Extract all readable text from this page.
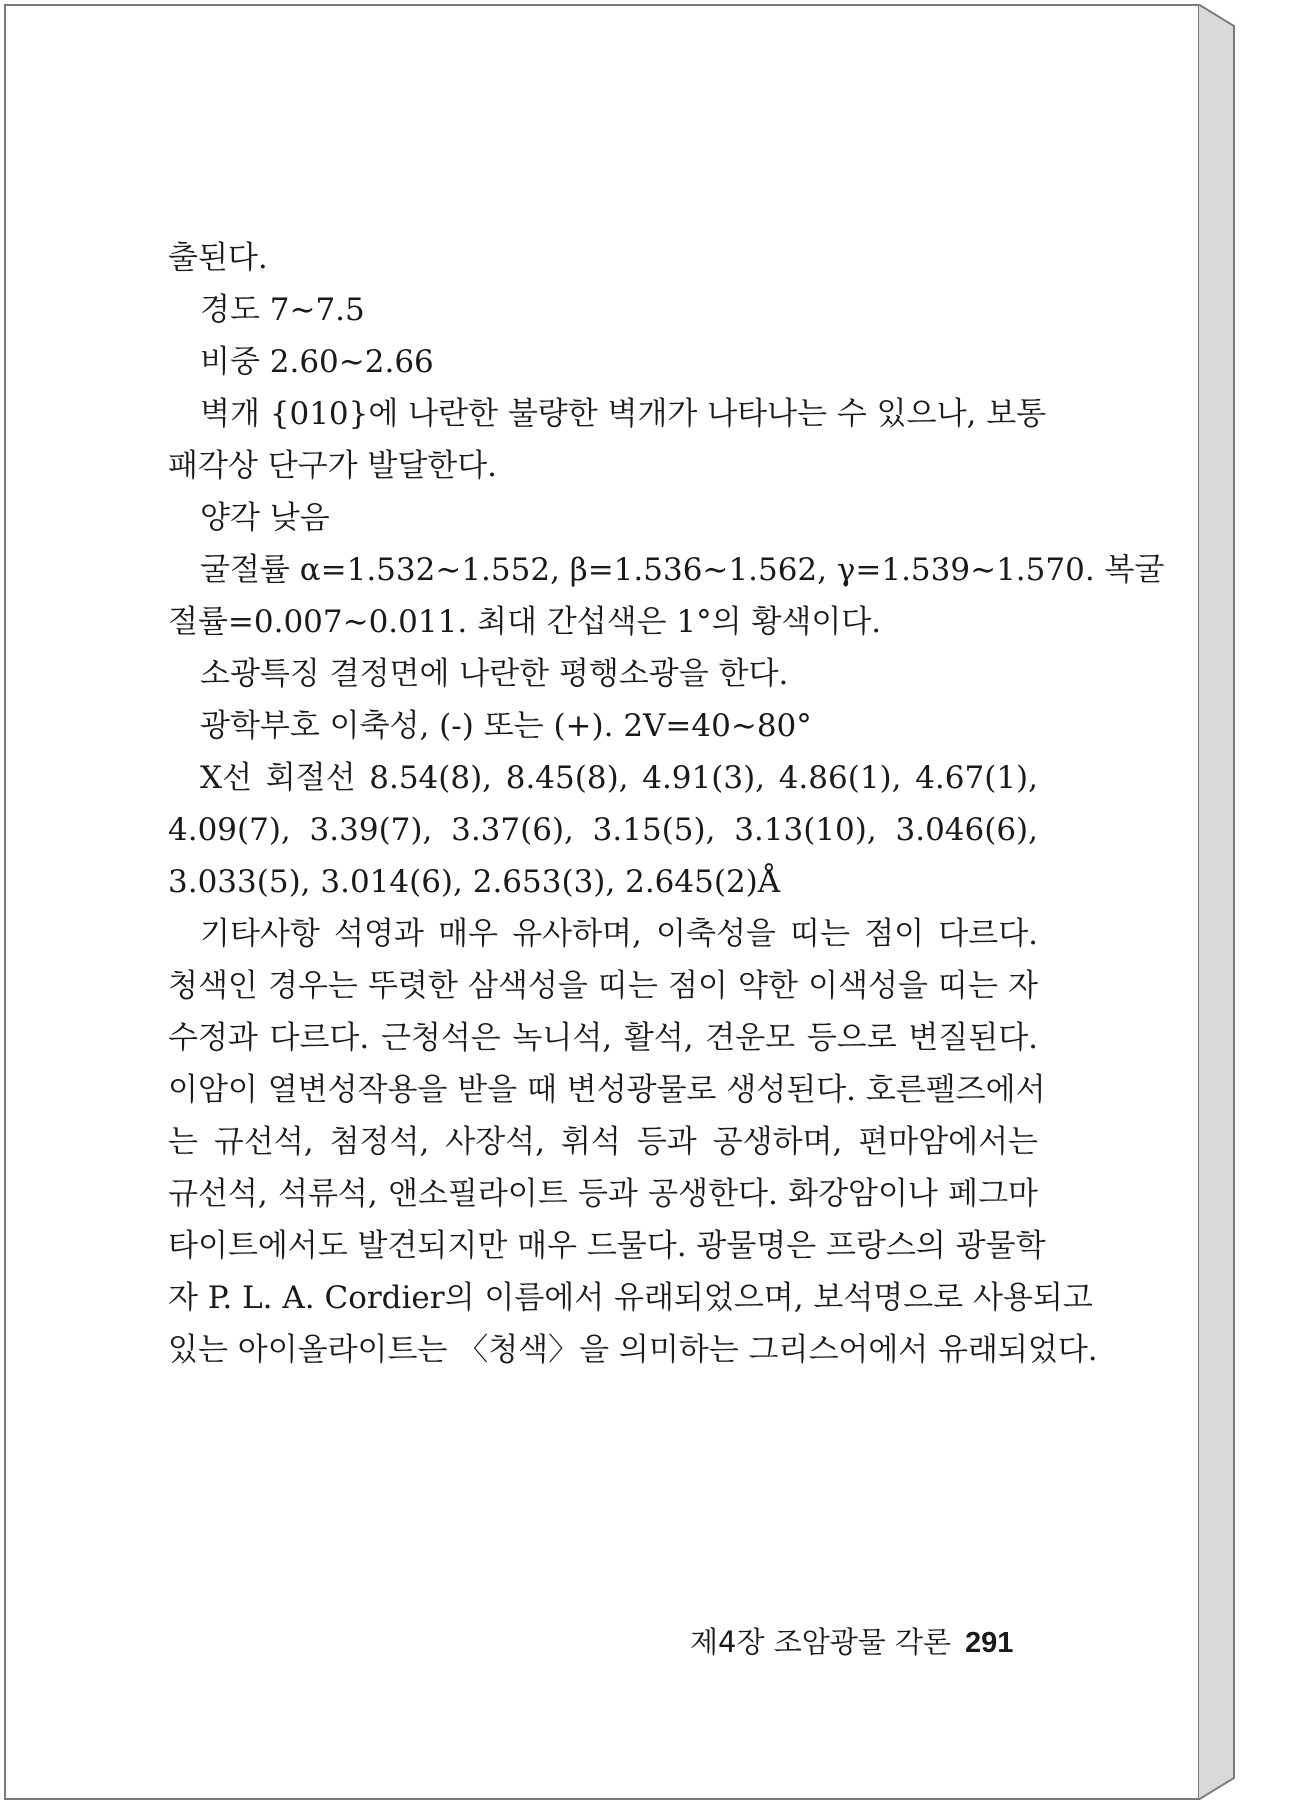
출된다.
경도 7∼7.5
비중 2.60∼2.66
벽개 {010}에 나란한 불량한 벽개가 나타나는 수 있으나, 보통
패각상 단구가 발달한다.
양각 낮음
굴절률 α=1.532∼1.552, β=1.536∼1.562, γ=1.539∼1.570. 복굴
절률=0.007∼0.011. 최대 간섭색은 1°의 황색이다.
소광특징 결정면에 나란한 평행소광을 한다.
광학부호 이축성, (-) 또는 (+). 2V=40∼80°
X선 회절선 8.54(8), 8.45(8), 4.91(3), 4.86(1), 4.67(1),
4.09(7), 3.39(7), 3.37(6), 3.15(5), 3.13(10), 3.046(6),
3.033(5), 3.014(6), 2.653(3), 2.645(2)Å
기타사항 석영과 매우 유사하며, 이축성을 띠는 점이 다르다.
청색인 경우는 뚜렷한 삼색성을 띠는 점이 약한 이색성을 띠는 자
수정과 다르다. 근청석은 녹니석, 활석, 견운모 등으로 변질된다.
이암이 열변성작용을 받을 때 변성광물로 생성된다. 호른펠즈에서
는 규선석, 첨정석, 사장석, 휘석 등과 공생하며, 편마암에서는
규선석, 석류석, 앤소필라이트 등과 공생한다. 화강암이나 페그마
타이트에서도 발견되지만 매우 드물다. 광물명은 프랑스의 광물학
자 P. L. A. Cordier의 이름에서 유래되었으며, 보석명으로 사용되고
있는 아이올라이트는 〈청색〉을 의미하는 그리스어에서 유래되었다.
제4장 조암광물 각론 291
